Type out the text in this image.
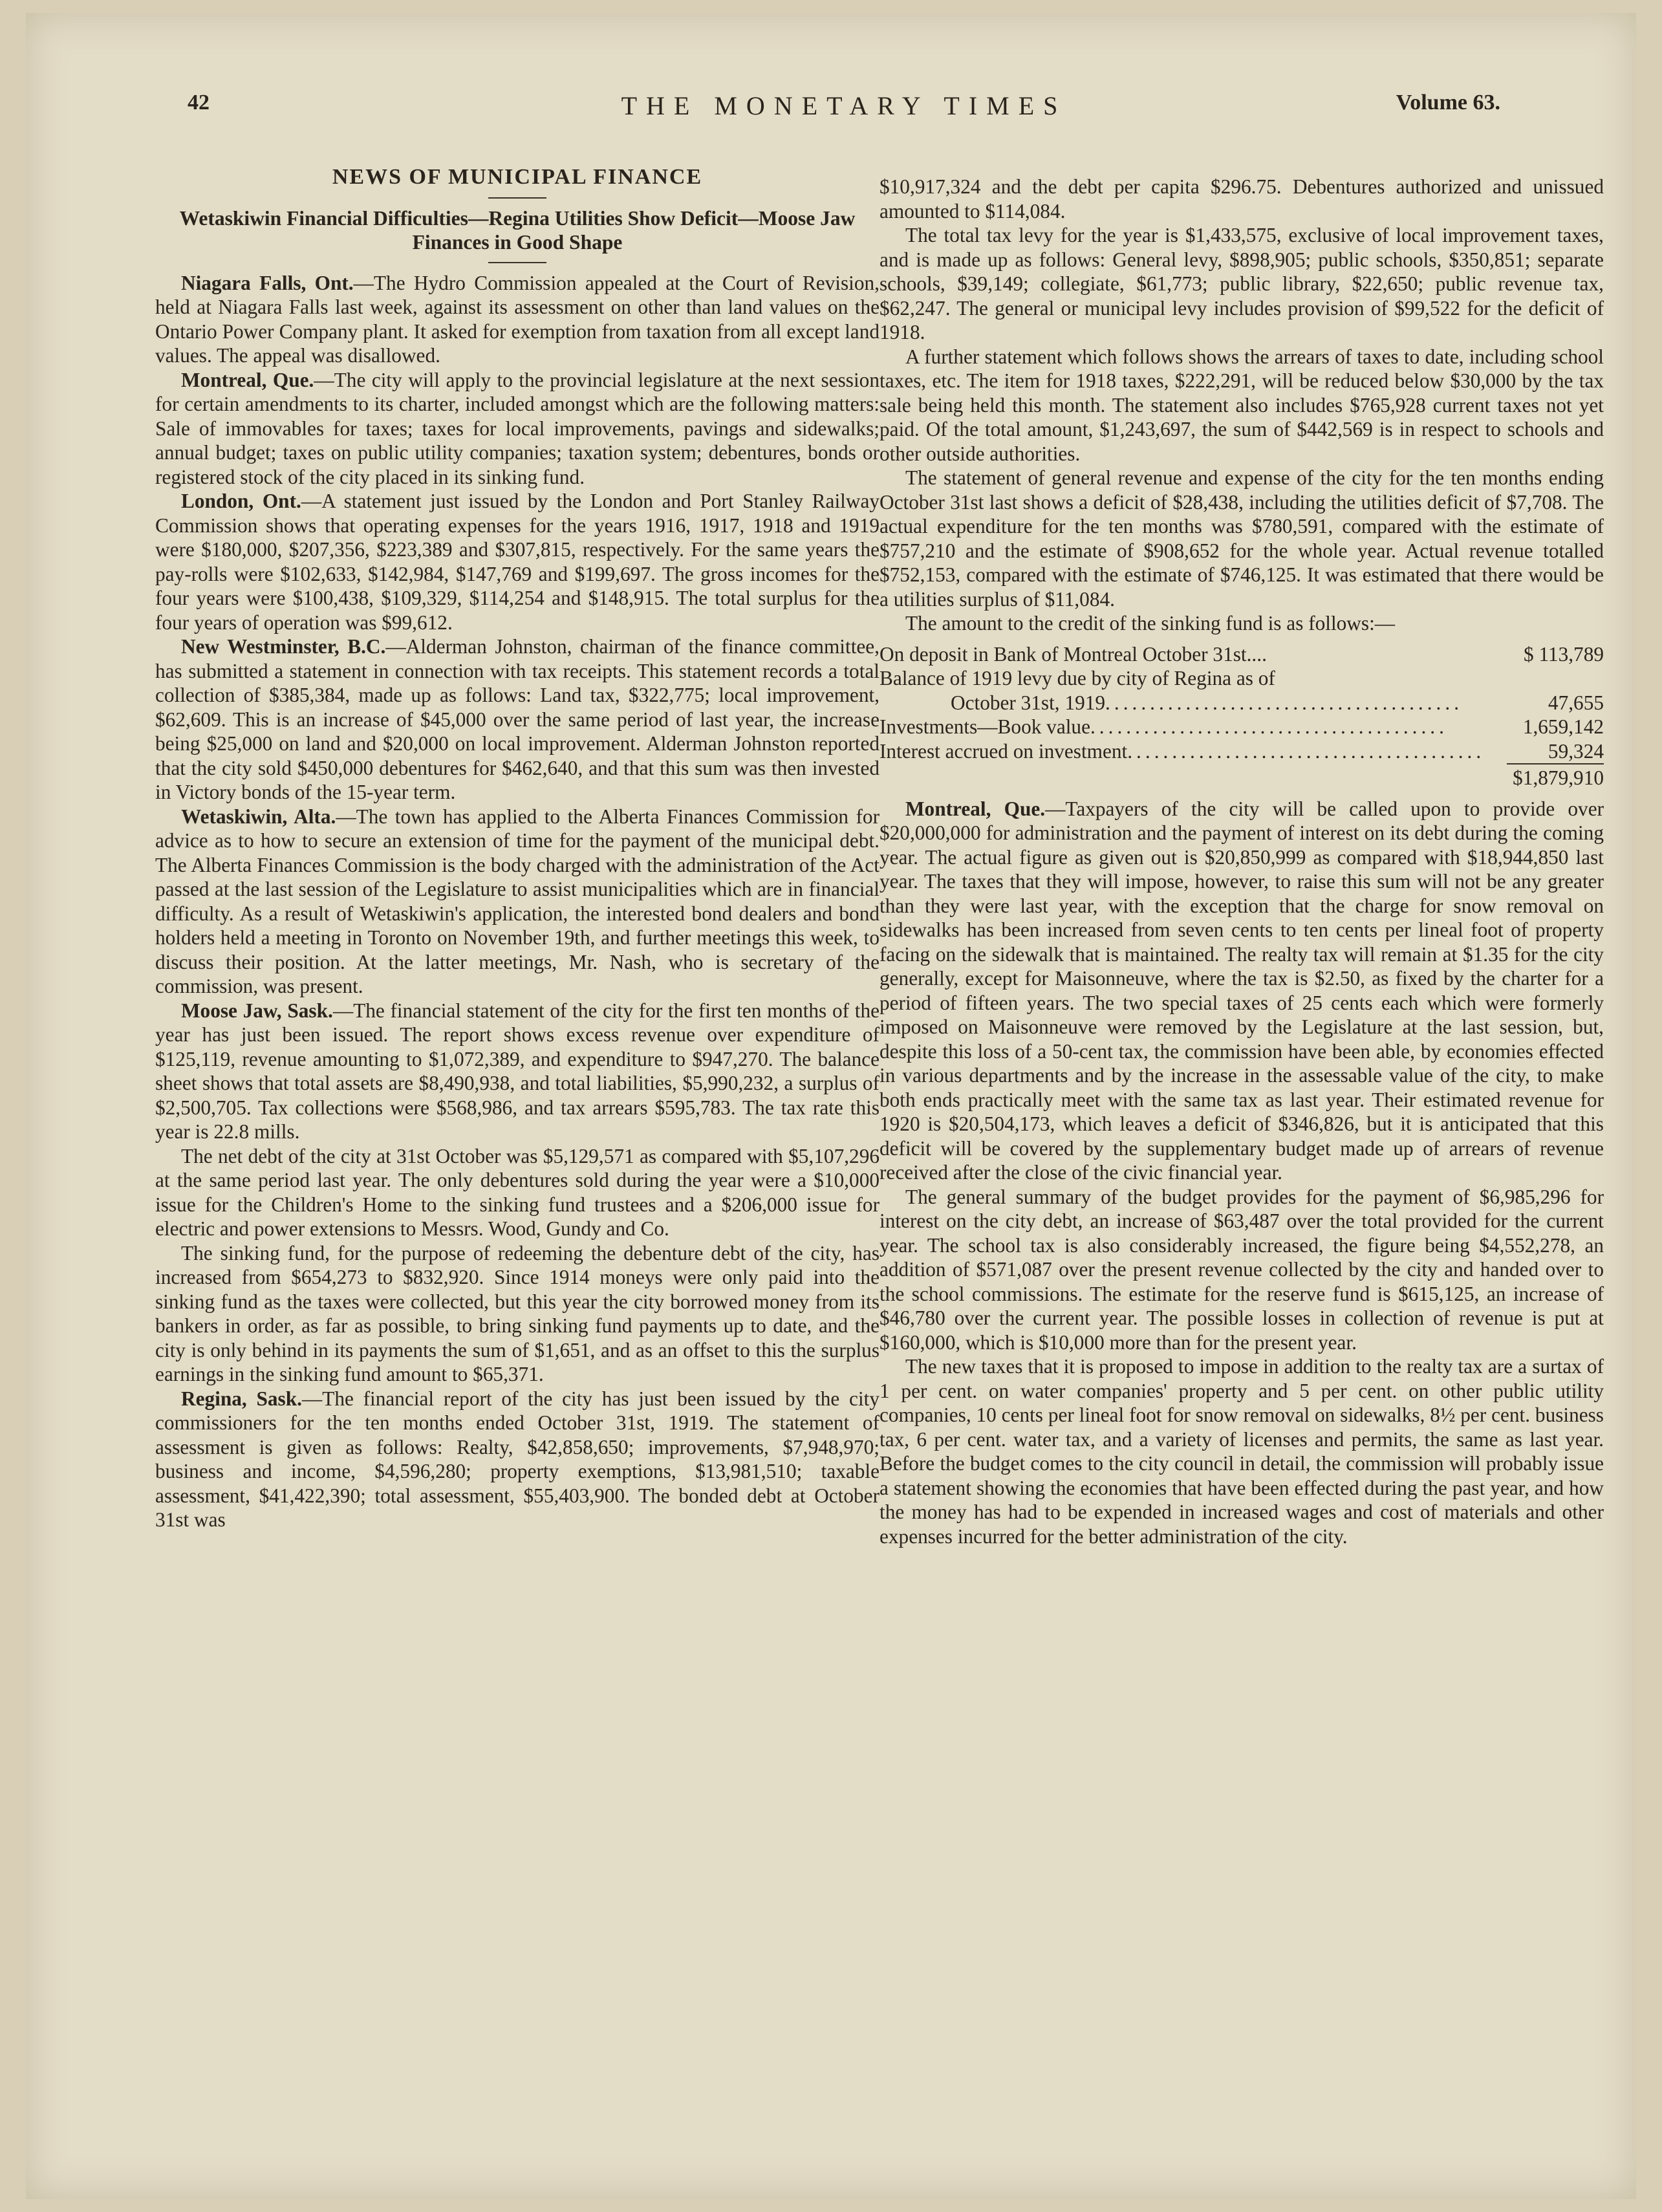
42	THE MONETARY TIMES	Volume 63.
NEWS OF MUNICIPAL FINANCE
Wetaskiwin Financial Difficulties—Regina Utilities Show Deficit—Moose Jaw Finances in Good Shape

Niagara Falls, Ont.—The Hydro Commission appealed at the Court of Revision, held at Niagara Falls last week, against its assessment on other than land values on the Ontario Power Company plant. It asked for exemption from taxation from all except land values. The appeal was disallowed.

Montreal, Que.—The city will apply to the provincial legislature at the next session for certain amendments to its charter, included amongst which are the following matters: Sale of immovables for taxes; taxes for local improvements, pavings and sidewalks; annual budget; taxes on public utility companies; taxation system; debentures, bonds or registered stock of the city placed in its sinking fund.

London, Ont.—A statement just issued by the London and Port Stanley Railway Commission shows that operating expenses for the years 1916, 1917, 1918 and 1919 were $180,000, $207,356, $223,389 and $307,815, respectively. For the same years the pay-rolls were $102,633, $142,984, $147,769 and $199,697. The gross incomes for the four years were $100,438, $109,329, $114,254 and $148,915. The total surplus for the four years of operation was $99,612.

New Westminster, B.C.—Alderman Johnston, chairman of the finance committee, has submitted a statement in connection with tax receipts. This statement records a total collection of $385,384, made up as follows: Land tax, $322,775; local improvement, $62,609. This is an increase of $45,000 over the same period of last year, the increase being $25,000 on land and $20,000 on local improvement. Alderman Johnston reported that the city sold $450,000 debentures for $462,640, and that this sum was then invested in Victory bonds of the 15-year term.

Wetaskiwin, Alta.—The town has applied to the Alberta Finances Commission for advice as to how to secure an extension of time for the payment of the municipal debt. The Alberta Finances Commission is the body charged with the administration of the Act passed at the last session of the Legislature to assist municipalities which are in financial difficulty. As a result of Wetaskiwin's application, the interested bond dealers and bond holders held a meeting in Toronto on November 19th, and further meetings this week, to discuss their position. At the latter meetings, Mr. Nash, who is secretary of the commission, was present.

Moose Jaw, Sask.—The financial statement of the city for the first ten months of the year has just been issued. The report shows excess revenue over expenditure of $125,119, revenue amounting to $1,072,389, and expenditure to $947,270. The balance sheet shows that total assets are $8,490,938, and total liabilities, $5,990,232, a surplus of $2,500,705. Tax collections were $568,986, and tax arrears $595,783. The tax rate this year is 22.8 mills.

The net debt of the city at 31st October was $5,129,571 as compared with $5,107,296 at the same period last year. The only debentures sold during the year were a $10,000 issue for the Children's Home to the sinking fund trustees and a $206,000 issue for electric and power extensions to Messrs. Wood, Gundy and Co.

The sinking fund, for the purpose of redeeming the debenture debt of the city, has increased from $654,273 to $832,920. Since 1914 moneys were only paid into the sinking fund as the taxes were collected, but this year the city borrowed money from its bankers in order, as far as possible, to bring sinking fund payments up to date, and the city is only behind in its payments the sum of $1,651, and as an offset to this the surplus earnings in the sinking fund amount to $65,371.

Regina, Sask.—The financial report of the city has just been issued by the city commissioners for the ten months ended October 31st, 1919. The statement of assessment is given as follows: Realty, $42,858,650; improvements, $7,948,970; business and income, $4,596,280; property exemptions, $13,981,510; taxable assessment, $41,422,390; total assessment, $55,403,900. The bonded debt at October 31st was

$10,917,324 and the debt per capita $296.75. Debentures authorized and unissued amounted to $114,084.

The total tax levy for the year is $1,433,575, exclusive of local improvement taxes, and is made up as follows: General levy, $898,905; public schools, $350,851; separate schools, $39,149; collegiate, $61,773; public library, $22,650; public revenue tax, $62,247. The general or municipal levy includes provision of $99,522 for the deficit of 1918.

A further statement which follows shows the arrears of taxes to date, including school taxes, etc. The item for 1918 taxes, $222,291, will be reduced below $30,000 by the tax sale being held this month. The statement also includes $765,928 current taxes not yet paid. Of the total amount, $1,243,697, the sum of $442,569 is in respect to schools and other outside authorities.

The statement of general revenue and expense of the city for the ten months ending October 31st last shows a deficit of $28,438, including the utilities deficit of $7,708. The actual expenditure for the ten months was $780,591, compared with the estimate of $757,210 and the estimate of $908,652 for the whole year. Actual revenue totalled $752,153, compared with the estimate of $746,125. It was estimated that there would be a utilities surplus of $11,084.

The amount to the credit of the sinking fund is as follows:—

On deposit in Bank of Montreal October 31st....	$ 113,789
Balance of 1919 levy due by city of Regina as of
October 31st, 1919 ........................................	47,655
Investments—Book value ........................................	1,659,142
Interest accrued on investment ........................................	59,324
$1,879,910

Montreal, Que.—Taxpayers of the city will be called upon to provide over $20,000,000 for administration and the payment of interest on its debt during the coming year. The actual figure as given out is $20,850,999 as compared with $18,944,850 last year. The taxes that they will impose, however, to raise this sum will not be any greater than they were last year, with the exception that the charge for snow removal on sidewalks has been increased from seven cents to ten cents per lineal foot of property facing on the sidewalk that is maintained. The realty tax will remain at $1.35 for the city generally, except for Maisonneuve, where the tax is $2.50, as fixed by the charter for a period of fifteen years. The two special taxes of 25 cents each which were formerly imposed on Maisonneuve were removed by the Legislature at the last session, but, despite this loss of a 50-cent tax, the commission have been able, by economies effected in various departments and by the increase in the assessable value of the city, to make both ends practically meet with the same tax as last year. Their estimated revenue for 1920 is $20,504,173, which leaves a deficit of $346,826, but it is anticipated that this deficit will be covered by the supplementary budget made up of arrears of revenue received after the close of the civic financial year.

The general summary of the budget provides for the payment of $6,985,296 for interest on the city debt, an increase of $63,487 over the total provided for the current year. The school tax is also considerably increased, the figure being $4,552,278, an addition of $571,087 over the present revenue collected by the city and handed over to the school commissions. The estimate for the reserve fund is $615,125, an increase of $46,780 over the current year. The possible losses in collection of revenue is put at $160,000, which is $10,000 more than for the present year.

The new taxes that it is proposed to impose in addition to the realty tax are a surtax of 1 per cent. on water companies' property and 5 per cent. on other public utility companies, 10 cents per lineal foot for snow removal on sidewalks, 8½ per cent. business tax, 6 per cent. water tax, and a variety of licenses and permits, the same as last year. Before the budget comes to the city council in detail, the commission will probably issue a statement showing the economies that have been effected during the past year, and how the money has had to be expended in increased wages and cost of materials and other expenses incurred for the better administration of the city.
